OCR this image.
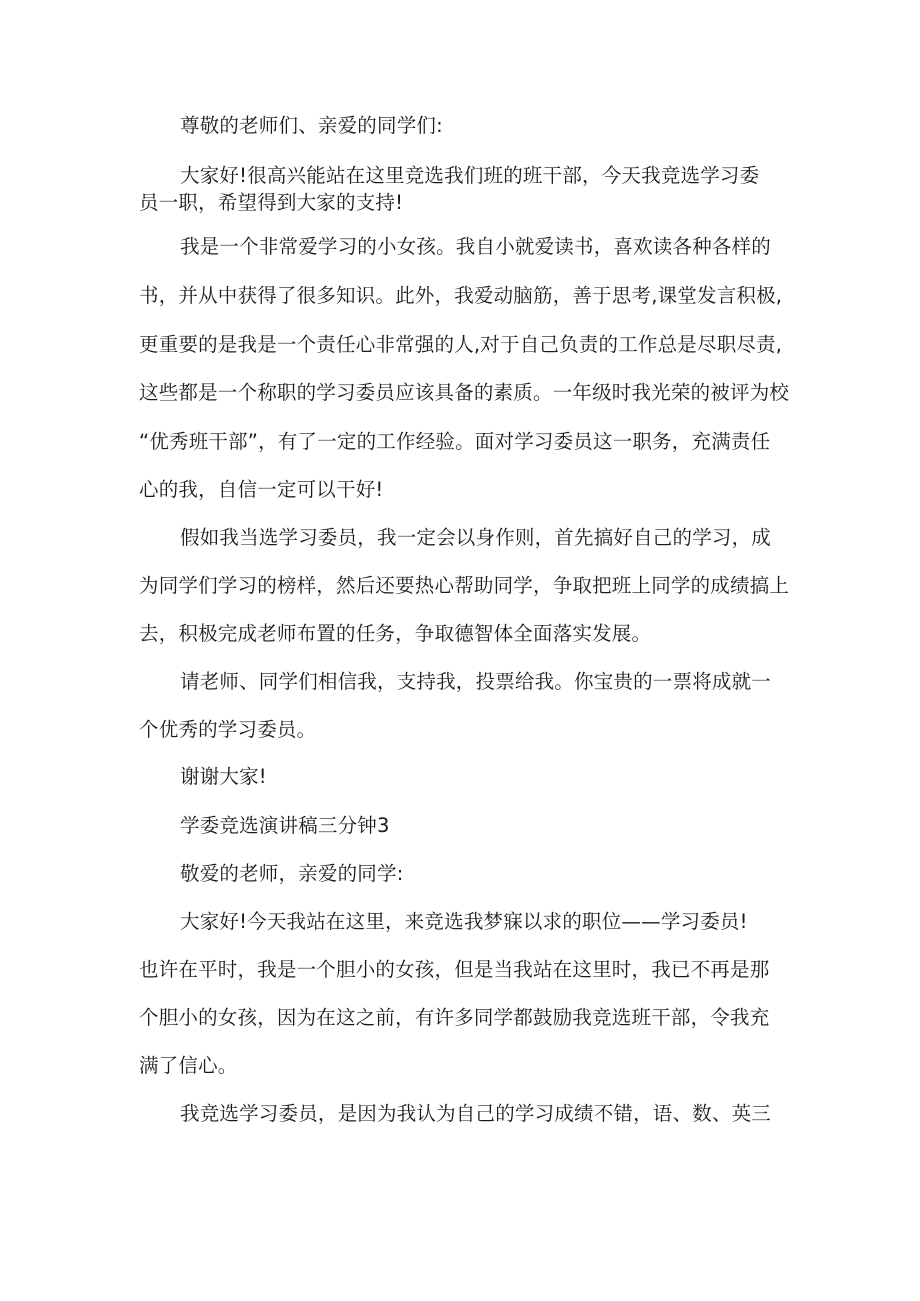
尊敬的老师们、亲爱的同学们:

大家好!很高兴能站在这里竞选我们班的班干部，今天我竞选学习委

员一职，希望得到大家的支持!

我是一个非常爱学习的小女孩。我自小就爱读书，喜欢读各种各样的

书，并从中获得了很多知识。此外，我爱动脑筋，善于思考,课堂发言积极,

更重要的是我是一个责任心非常强的人,对于自己负责的工作总是尽职尽责,

这些都是一个称职的学习委员应该具备的素质。一年级时我光荣的被评为校

“优秀班干部”，有了一定的工作经验。面对学习委员这一职务，充满责任

心的我，自信一定可以干好!

假如我当选学习委员，我一定会以身作则，首先搞好自己的学习，成

为同学们学习的榜样，然后还要热心帮助同学，争取把班上同学的成绩搞上

去，积极完成老师布置的任务，争取德智体全面落实发展。

请老师、同学们相信我，支持我，投票给我。你宝贵的一票将成就一

个优秀的学习委员。

谢谢大家!

学委竞选演讲稿三分钟3

敬爱的老师，亲爱的同学:

大家好!今天我站在这里，来竞选我梦寐以求的职位——学习委员!

也许在平时，我是一个胆小的女孩，但是当我站在这里时，我已不再是那

个胆小的女孩，因为在这之前，有许多同学都鼓励我竞选班干部，令我充

满了信心。

我竞选学习委员，是因为我认为自己的学习成绩不错，语、数、英三
